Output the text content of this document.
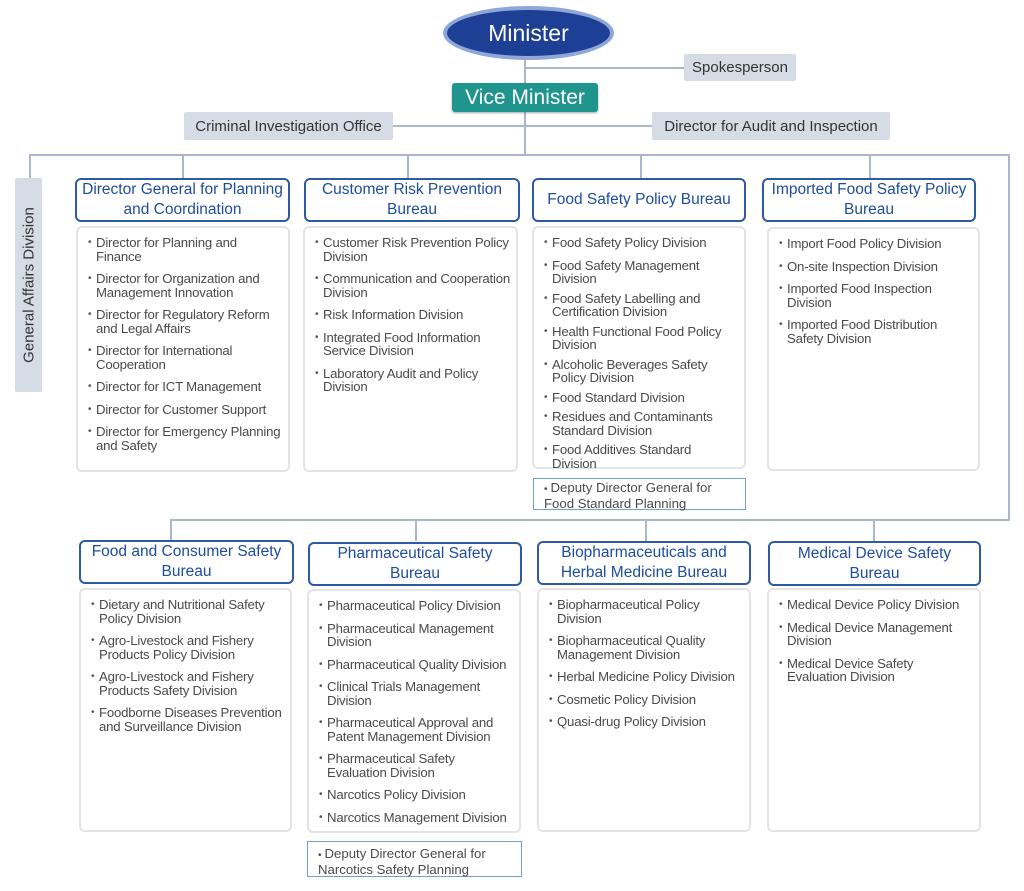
Minister
Spokesperson
Vice Minister
Criminal Investigation Office	Director for Audit and Inspection
General Affairs Division
Director General for Planning and Coordination
• Director for Planning and Finance
• Director for Organization and Management Innovation
• Director for Regulatory Reform and Legal Affairs
• Director for International Cooperation
• Director for ICT Management
• Director for Customer Support
• Director for Emergency Planning and Safety
Customer Risk Prevention Bureau
• Customer Risk Prevention Policy Division
• Communication and Cooperation Division
• Risk Information Division
• Integrated Food Information Service Division
• Laboratory Audit and Policy Division
Food Safety Policy Bureau
• Food Safety Policy Division
• Food Safety Management Division
• Food Safety Labelling and Certification Division
• Health Functional Food Policy Division
• Alcoholic Beverages Safety Policy Division
• Food Standard Division
• Residues and Contaminants Standard Division
• Food Additives Standard Division
• Deputy Director General for Food Standard Planning
Imported Food Safety Policy Bureau
• Import Food Policy Division
• On-site Inspection Division
• Imported Food Inspection Division
• Imported Food Distribution Safety Division
Food and Consumer Safety Bureau
• Dietary and Nutritional Safety Policy Division
• Agro-Livestock and Fishery Products Policy Division
• Agro-Livestock and Fishery Products Safety Division
• Foodborne Diseases Prevention and Surveillance Division
Pharmaceutical Safety Bureau
• Pharmaceutical Policy Division
• Pharmaceutical Management Division
• Pharmaceutical Quality Division
• Clinical Trials Management Division
• Pharmaceutical Approval and Patent Management Division
• Pharmaceutical Safety Evaluation Division
• Narcotics Policy Division
• Narcotics Management Division
• Deputy Director General for Narcotics Safety Planning
Biopharmaceuticals and Herbal Medicine Bureau
• Biopharmaceutical Policy Division
• Biopharmaceutical Quality Management Division
• Herbal Medicine Policy Division
• Cosmetic Policy Division
• Quasi-drug Policy Division
Medical Device Safety Bureau
• Medical Device Policy Division
• Medical Device Management Division
• Medical Device Safety Evaluation Division
